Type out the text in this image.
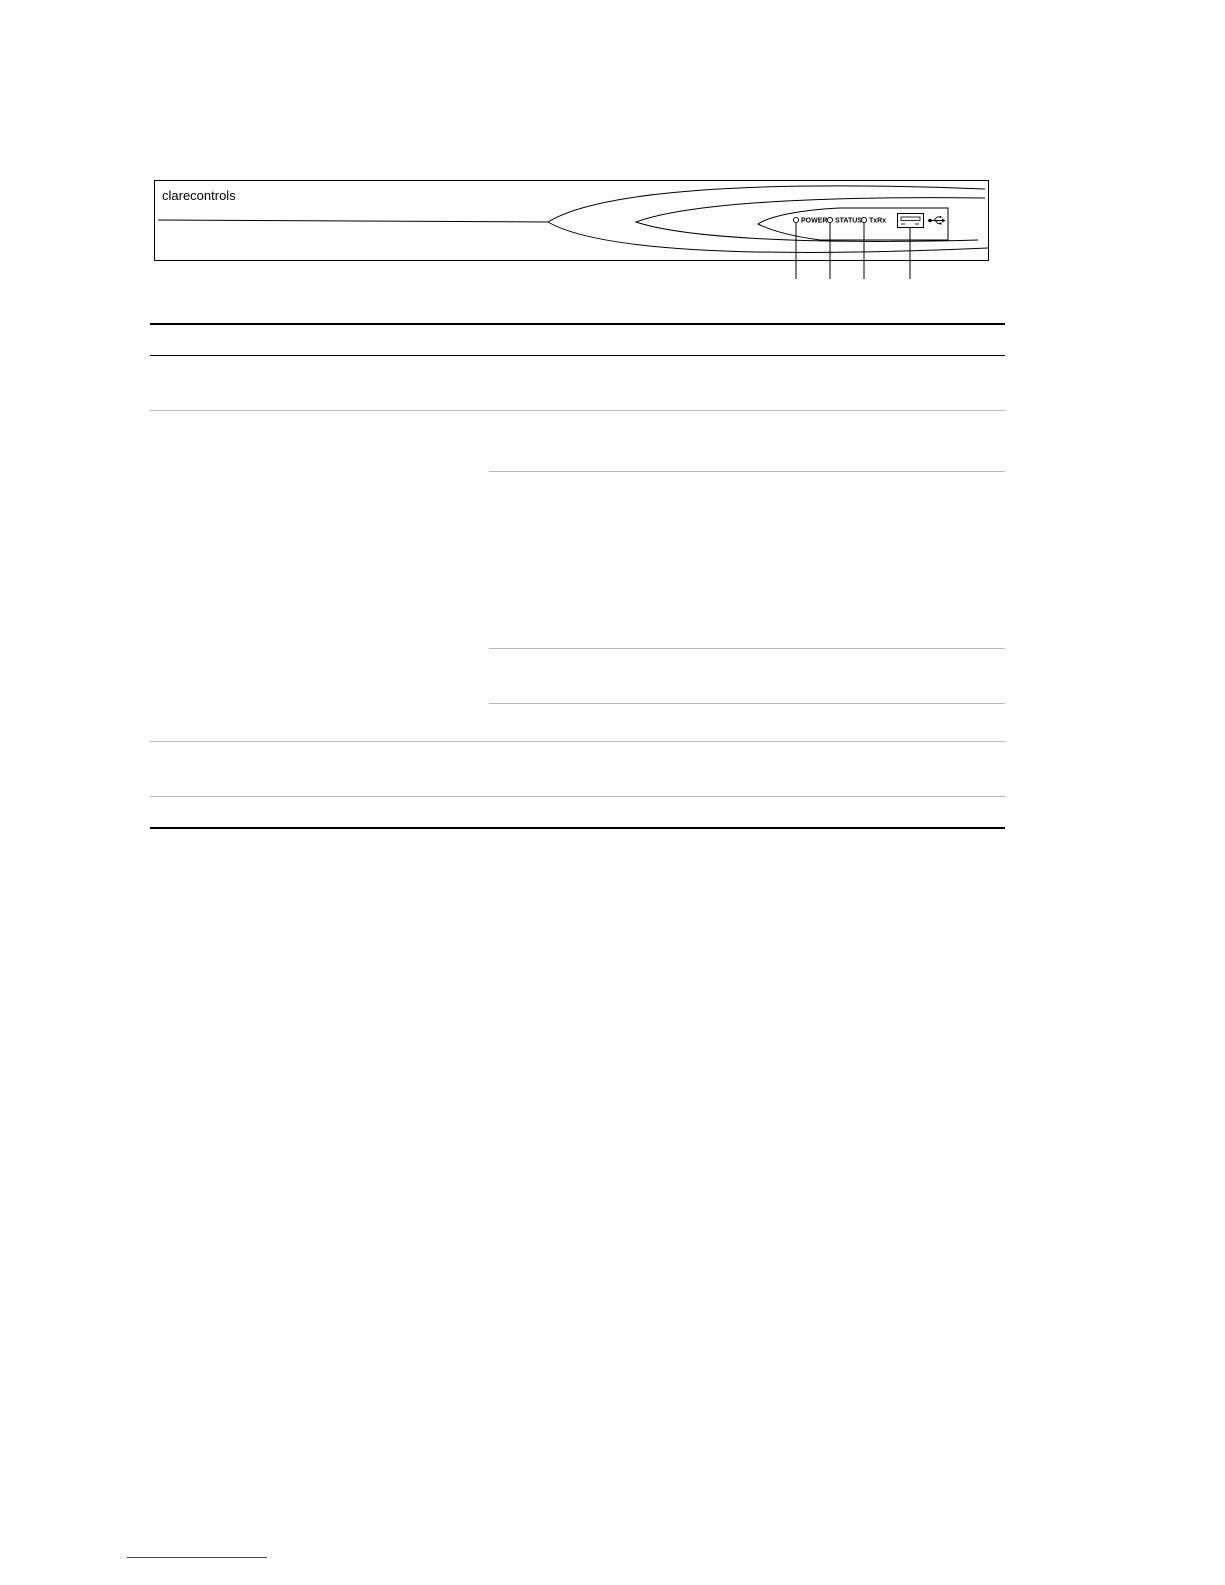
clarecontrols
POWER STATUS TxRx
